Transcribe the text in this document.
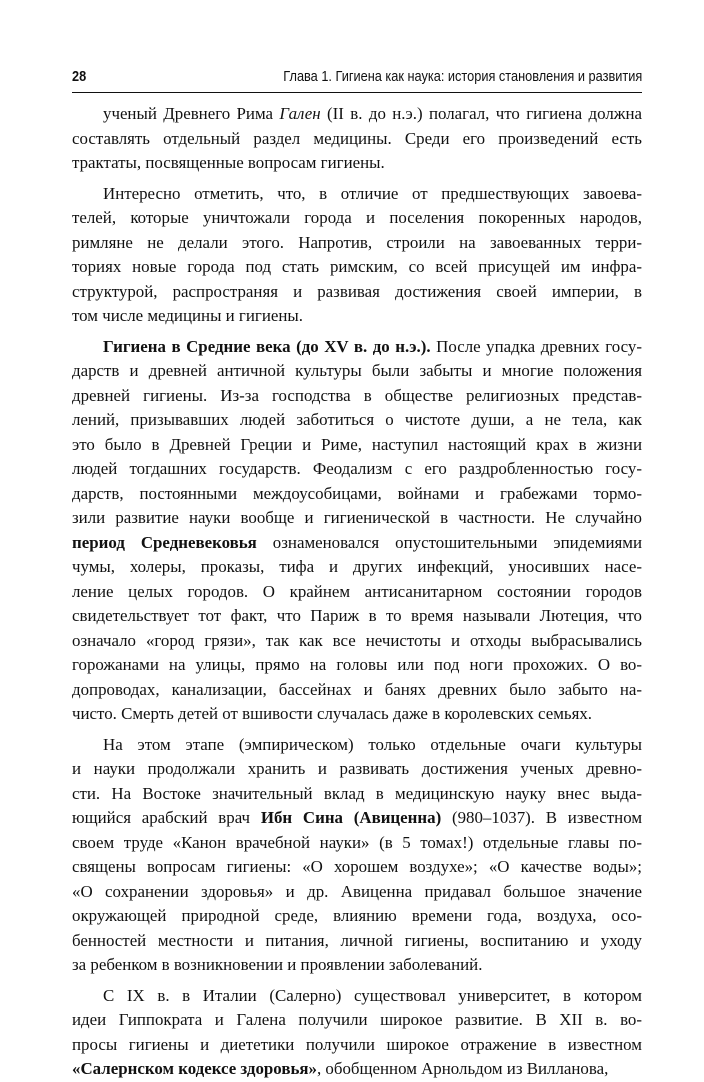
28	Глава 1. Гигиена как наука: история становления и развития

ученый Древнего Рима Гален (II в. до н.э.) полагал, что гигиена должна

составлять отдельный раздел медицины. Среди его произведений есть

трактаты, посвященные вопросам гигиены.

Интересно отметить, что, в отличие от предшествующих завоева-

телей, которые уничтожали города и поселения покоренных народов,

римляне не делали этого. Напротив, строили на завоеванных терри-

ториях новые города под стать римским, со всей присущей им инфра-

структурой, распространяя и развивая достижения своей империи, в

том числе медицины и гигиены.

Гигиена в Средние века (до XV в. до н.э.). После упадка древних госу-

дарств и древней античной культуры были забыты и многие положения

древней гигиены. Из-за господства в обществе религиозных представ-

лений, призывавших людей заботиться о чистоте души, а не тела, как

это было в Древней Греции и Риме, наступил настоящий крах в жизни

людей тогдашних государств. Феодализм с его раздробленностью госу-

дарств, постоянными междоусобицами, войнами и грабежами тормо-

зили развитие науки вообще и гигиенической в частности. Не случайно

период Средневековья ознаменовался опустошительными эпидемиями

чумы, холеры, проказы, тифа и других инфекций, уносивших насе-

ление целых городов. О крайнем антисанитарном состоянии городов

свидетельствует тот факт, что Париж в то время называли Лютеция, что

означало «город грязи», так как все нечистоты и отходы выбрасывались

горожанами на улицы, прямо на головы или под ноги прохожих. О во-

допроводах, канализации, бассейнах и банях древних было забыто на-

чисто. Смерть детей от вшивости случалась даже в королевских семьях.

На этом этапе (эмпирическом) только отдельные очаги культуры

и науки продолжали хранить и развивать достижения ученых древно-

сти. На Востоке значительный вклад в медицинскую науку внес выда-

ющийся арабский врач Ибн Сина (Авиценна) (980–1037). В известном

своем труде «Канон врачебной науки» (в 5 томах!) отдельные главы по-

священы вопросам гигиены: «О хорошем воздухе»; «О качестве воды»;

«О сохранении здоровья» и др. Авиценна придавал большое значение

окружающей природной среде, влиянию времени года, воздуха, осо-

бенностей местности и питания, личной гигиены, воспитанию и уходу

за ребенком в возникновении и проявлении заболеваний.

С IX в. в Италии (Салерно) существовал университет, в котором

идеи Гиппократа и Галена получили широкое развитие. В XII в. во-

просы гигиены и диететики получили широкое отражение в известном

«Салернском кодексе здоровья», обобщенном Арнольдом из Вилланова,
